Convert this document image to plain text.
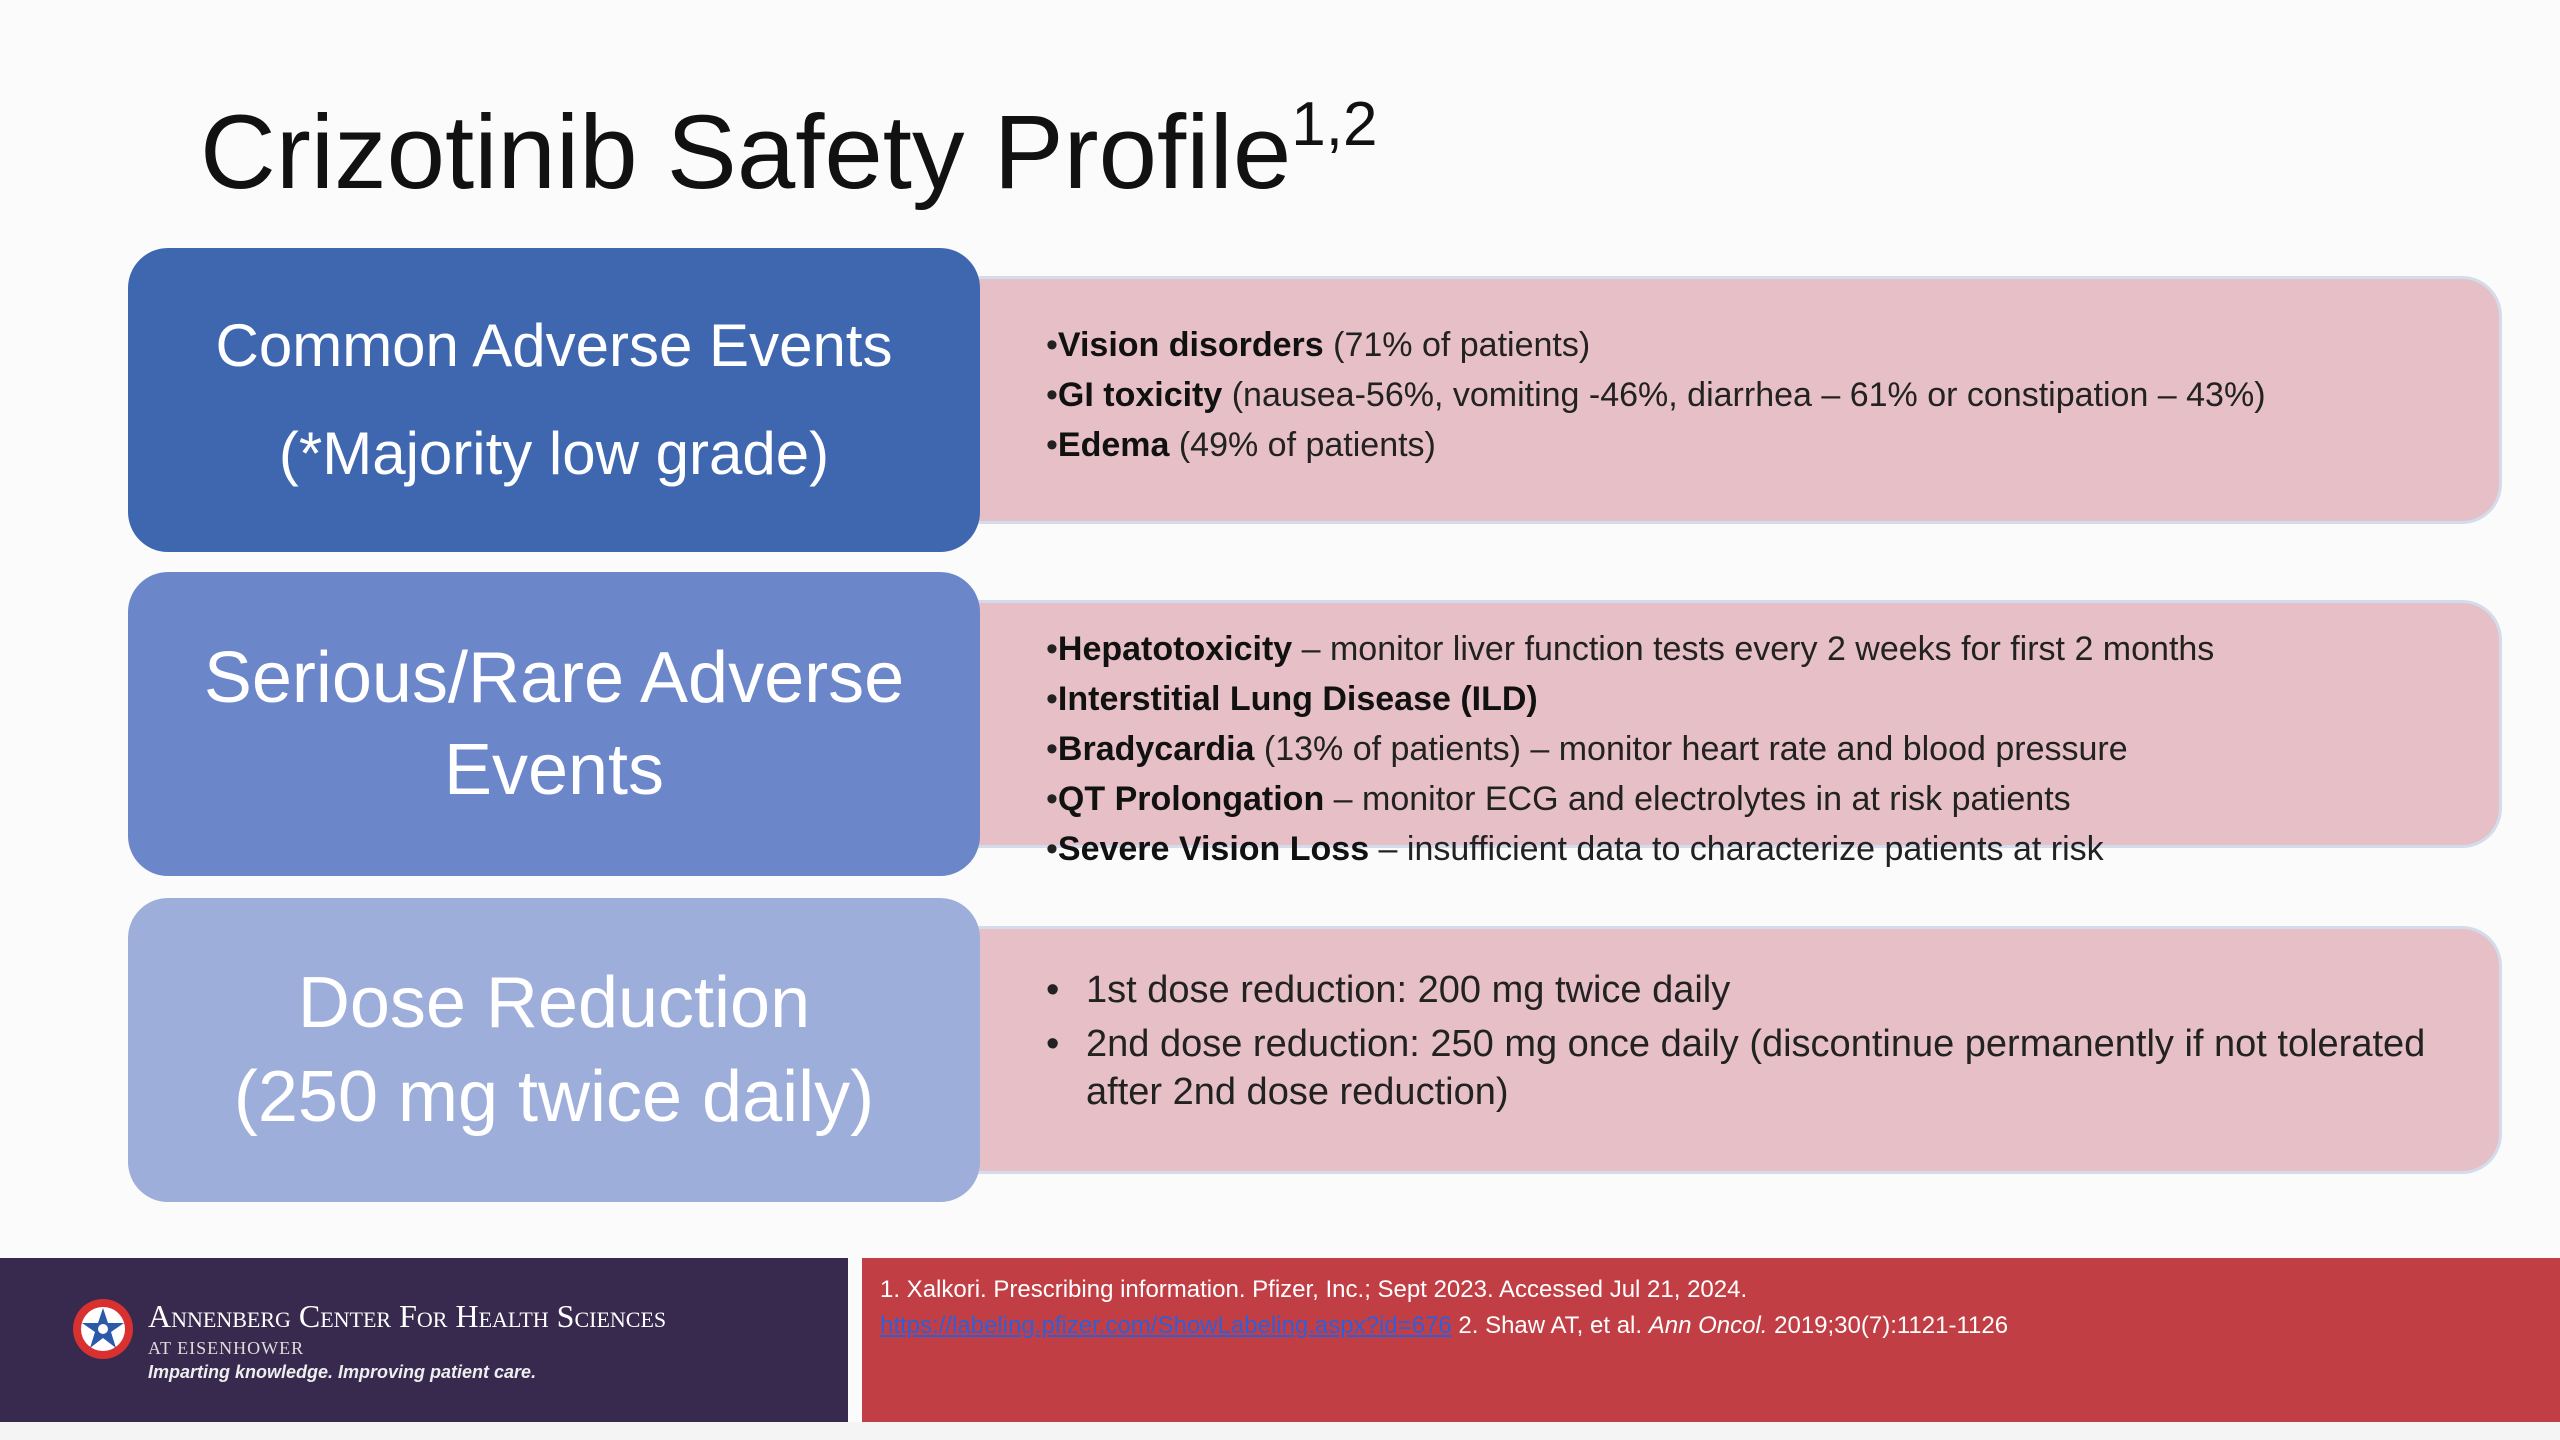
Crizotinib Safety Profile$^{1,2}$
Common Adverse Events
(*Majority low grade)
•Vision disorders (71% of patients)
•GI toxicity (nausea-56%, vomiting -46%, diarrhea – 61% or constipation – 43%)
•Edema (49% of patients)
Serious/Rare Adverse
Events
•Hepatotoxicity – monitor liver function tests every 2 weeks for first 2 months
•Interstitial Lung Disease (ILD)
•Bradycardia (13% of patients) – monitor heart rate and blood pressure
•QT Prolongation – monitor ECG and electrolytes in at risk patients
•Severe Vision Loss – insufficient data to characterize patients at risk
Dose Reduction
(250 mg twice daily)
• 1st dose reduction: 200 mg twice daily
• 2nd dose reduction: 250 mg once daily (discontinue permanently if not tolerated after 2nd dose reduction)
Annenberg Center For Health Sciences
AT EISENHOWER
Imparting knowledge. Improving patient care.
1. Xalkori. Prescribing information. Pfizer, Inc.; Sept 2023. Accessed Jul 21, 2024.
https://labeling.pfizer.com/ShowLabeling.aspx?id=676 2. Shaw AT, et al. Ann Oncol. 2019;30(7):1121-1126
